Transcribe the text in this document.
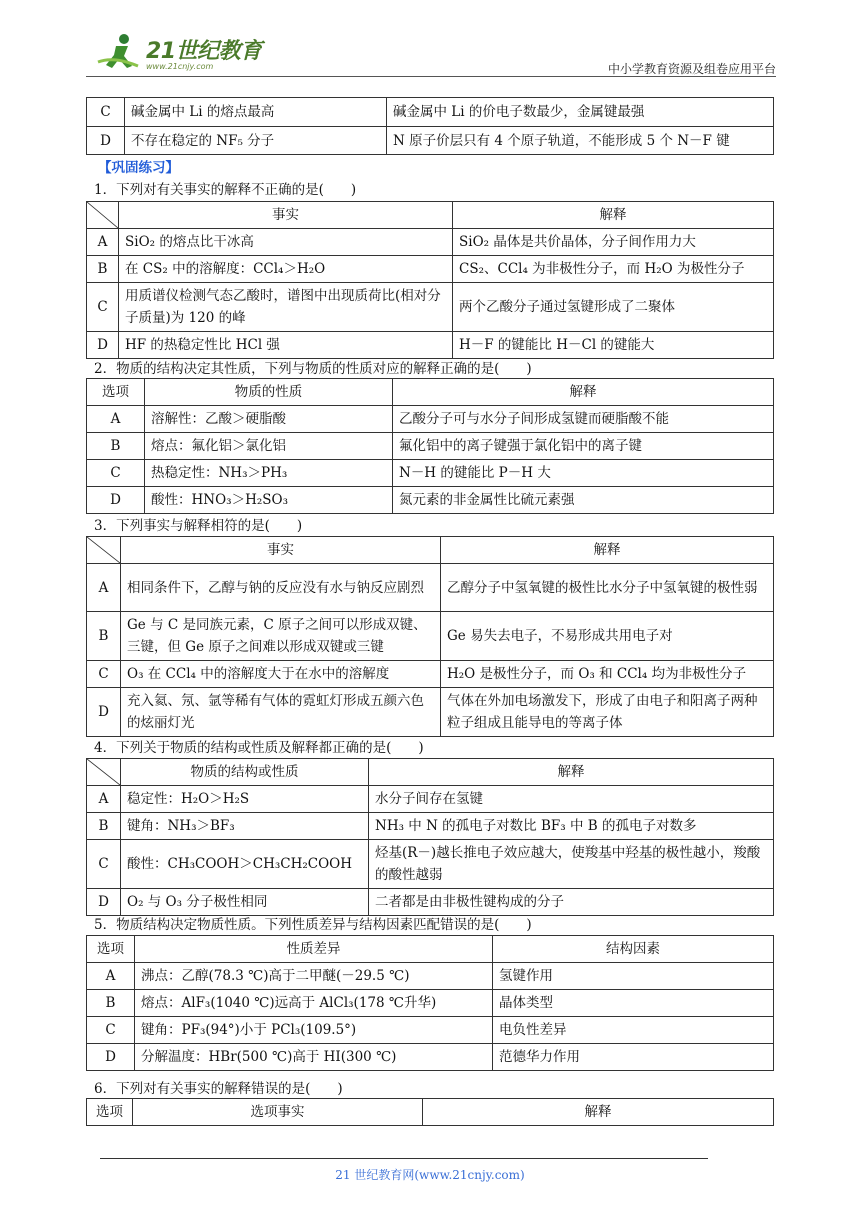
21世纪教育
www.21cnjy.com	中小学教育资源及组卷应用平台
C	碱金属中 Li 的熔点最高	碱金属中 Li 的价电子数最少，金属键最强
D	不存在稳定的 NF₅ 分子	N 原子价层只有 4 个原子轨道，不能形成 5 个 N－F 键
【巩固练习】
1．下列对有关事实的解释不正确的是(　　)
	事实	解释
A	SiO₂ 的熔点比干冰高	SiO₂ 晶体是共价晶体，分子间作用力大
B	在 CS₂ 中的溶解度：CCl₄＞H₂O	CS₂、CCl₄ 为非极性分子，而 H₂O 为极性分子
C	用质谱仪检测气态乙酸时，谱图中出现质荷比(相对分子质量)为 120 的峰	两个乙酸分子通过氢键形成了二聚体
D	HF 的热稳定性比 HCl 强	H－F 的键能比 H－Cl 的键能大
2．物质的结构决定其性质，下列与物质的性质对应的解释正确的是(　　)
选项	物质的性质	解释
A	溶解性：乙酸＞硬脂酸	乙酸分子可与水分子间形成氢键而硬脂酸不能
B	熔点：氟化铝＞氯化铝	氟化铝中的离子键强于氯化铝中的离子键
C	热稳定性：NH₃＞PH₃	N－H 的键能比 P－H 大
D	酸性：HNO₃＞H₂SO₃	氮元素的非金属性比硫元素强
3．下列事实与解释相符的是(　　)
	事实	解释
A	相同条件下，乙醇与钠的反应没有水与钠反应剧烈	乙醇分子中氢氧键的极性比水分子中氢氧键的极性弱
B	Ge 与 C 是同族元素，C 原子之间可以形成双键、三键，但 Ge 原子之间难以形成双键或三键	Ge 易失去电子，不易形成共用电子对
C	O₃ 在 CCl₄ 中的溶解度大于在水中的溶解度	H₂O 是极性分子，而 O₃ 和 CCl₄ 均为非极性分子
D	充入氦、氖、氩等稀有气体的霓虹灯形成五颜六色的炫丽灯光	气体在外加电场激发下，形成了由电子和阳离子两种粒子组成且能导电的等离子体
4．下列关于物质的结构或性质及解释都正确的是(　　)
	物质的结构或性质	解释
A	稳定性：H₂O＞H₂S	水分子间存在氢键
B	键角：NH₃＞BF₃	NH₃ 中 N 的孤电子对数比 BF₃ 中 B 的孤电子对数多
C	酸性：CH₃COOH＞CH₃CH₂COOH	烃基(R－)越长推电子效应越大，使羧基中羟基的极性越小，羧酸的酸性越弱
D	O₂ 与 O₃ 分子极性相同	二者都是由非极性键构成的分子
5．物质结构决定物质性质。下列性质差异与结构因素匹配错误的是(　　)
选项	性质差异	结构因素
A	沸点：乙醇(78.3 ℃)高于二甲醚(－29.5 ℃)	氢键作用
B	熔点：AlF₃(1040 ℃)远高于 AlCl₃(178 ℃升华)	晶体类型
C	键角：PF₃(94°)小于 PCl₃(109.5°)	电负性差异
D	分解温度：HBr(500 ℃)高于 HI(300 ℃)	范德华力作用
6．下列对有关事实的解释错误的是(　　)
选项	选项事实	解释
21 世纪教育网(www.21cnjy.com)
